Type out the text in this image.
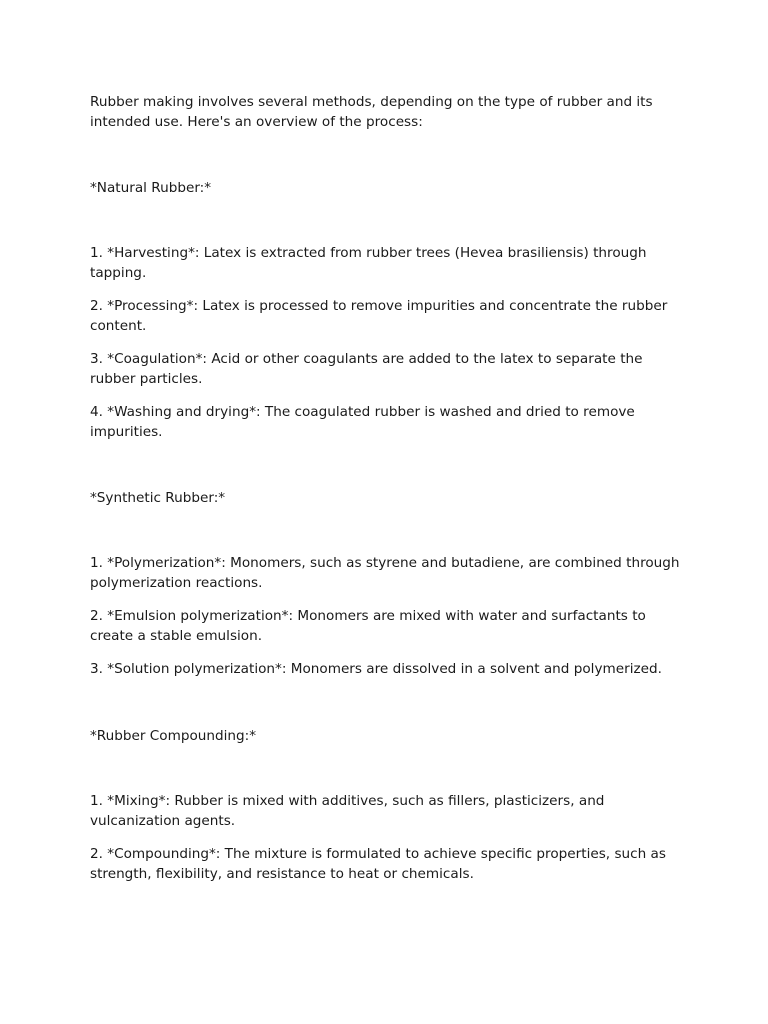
Rubber making involves several methods, depending on the type of rubber and its intended use. Here's an overview of the process:

*Natural Rubber:*

1. *Harvesting*: Latex is extracted from rubber trees (Hevea brasiliensis) through tapping.

2. *Processing*: Latex is processed to remove impurities and concentrate the rubber content.

3. *Coagulation*: Acid or other coagulants are added to the latex to separate the rubber particles.

4. *Washing and drying*: The coagulated rubber is washed and dried to remove impurities.

*Synthetic Rubber:*

1. *Polymerization*: Monomers, such as styrene and butadiene, are combined through polymerization reactions.

2. *Emulsion polymerization*: Monomers are mixed with water and surfactants to create a stable emulsion.

3. *Solution polymerization*: Monomers are dissolved in a solvent and polymerized.

*Rubber Compounding:*

1. *Mixing*: Rubber is mixed with additives, such as fillers, plasticizers, and vulcanization agents.

2. *Compounding*: The mixture is formulated to achieve specific properties, such as strength, flexibility, and resistance to heat or chemicals.
